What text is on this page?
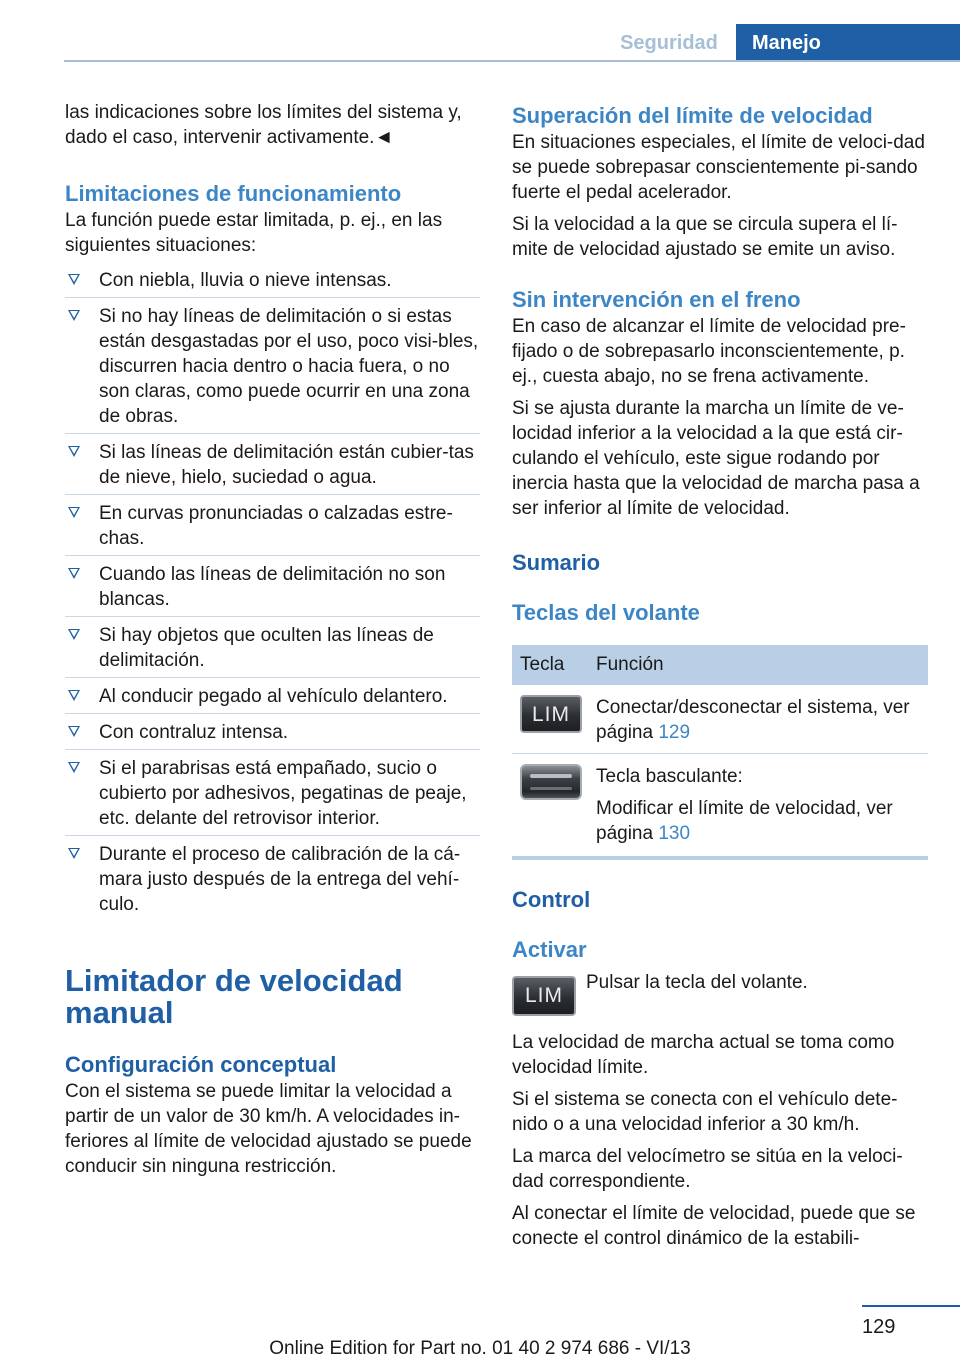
Seguridad Manejo

las indicaciones sobre los límites del sistema y, dado el caso, intervenir activamente.◄

Limitaciones de funcionamiento

La función puede estar limitada, p. ej., en las siguientes situaciones:

Con niebla, lluvia o nieve intensas.
Si no hay líneas de delimitación o si estas están desgastadas por el uso, poco visi‐bles, discurren hacia dentro o hacia fuera, o no son claras, como puede ocurrir en una zona de obras.
Si las líneas de delimitación están cubier‐tas de nieve, hielo, suciedad o agua.
En curvas pronunciadas o calzadas estre‐chas.
Cuando las líneas de delimitación no son blancas.
Si hay objetos que oculten las líneas de delimitación.
Al conducir pegado al vehículo delantero.
Con contraluz intensa.
Si el parabrisas está empañado, sucio o cubierto por adhesivos, pegatinas de peaje, etc. delante del retrovisor interior.
Durante el proceso de calibración de la cá‐mara justo después de la entrega del vehí‐culo.
Limitador de velocidad manual
Configuración conceptual

Con el sistema se puede limitar la velocidad a partir de un valor de 30 km/h. A velocidades in‐feriores al límite de velocidad ajustado se puede conducir sin ninguna restricción.

Superación del límite de velocidad

En situaciones especiales, el límite de veloci‐dad se puede sobrepasar conscientemente pi‐sando fuerte el pedal acelerador.

Si la velocidad a la que se circula supera el lí‐mite de velocidad ajustado se emite un aviso.

Sin intervención en el freno

En caso de alcanzar el límite de velocidad pre‐fijado o de sobrepasarlo inconscientemente, p. ej., cuesta abajo, no se frena activamente.

Si se ajusta durante la marcha un límite de ve‐locidad inferior a la velocidad a la que está cir‐culando el vehículo, este sigue rodando por inercia hasta que la velocidad de marcha pasa a ser inferior al límite de velocidad.

Sumario
Teclas del volante
Tecla	Función

LIM	Conectar/desconectar el sistema, ver página 129

	Tecla basculante:
Modificar el límite de velocidad, ver página 130
Control
Activar
LIM

Pulsar la tecla del volante.

La velocidad de marcha actual se toma como velocidad límite.

Si el sistema se conecta con el vehículo dete‐nido o a una velocidad inferior a 30 km/h.

La marca del velocímetro se sitúa en la veloci‐dad correspondiente.

Al conectar el límite de velocidad, puede que se conecte el control dinámico de la estabili‐

129
Online Edition for Part no. 01 40 2 974 686 - VI/13
